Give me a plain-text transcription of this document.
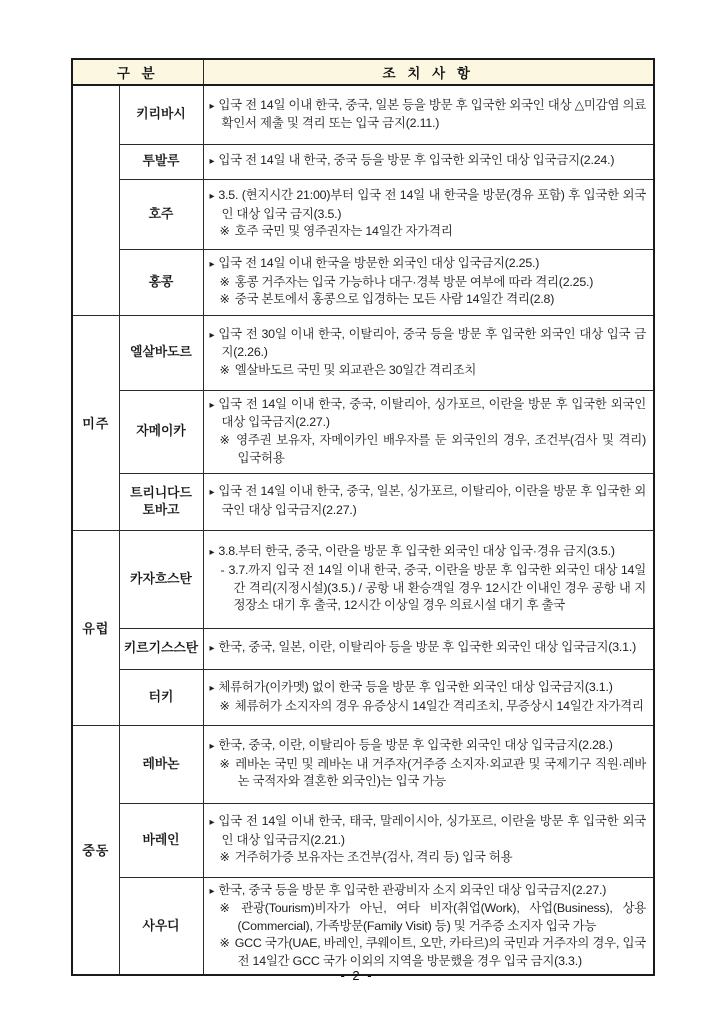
구 분		조 치 사 항
	키리바시	▸ 입국 전 14일 이내 한국, 중국, 일본 등을 방문 후 입국한 외국인 대상 △미감염 의료 확인서 제출 및 격리 또는 입국 금지(2.11.)

	투발루	▸ 입국 전 14일 내 한국, 중국 등을 방문 후 입국한 외국인 대상 입국금지(2.24.)

	호주	▸ 3.5. (현지시간 21:00)부터 입국 전 14일 내 한국을 방문(경유 포함) 후 입국한 외국인 대상 입국 금지(3.5.)
※ 호주 국민 및 영주권자는 14일간 자가격리

	홍콩	▸ 입국 전 14일 이내 한국을 방문한 외국인 대상 입국금지(2.25.)
※ 홍콩 거주자는 입국 가능하나 대구·경북 방문 여부에 따라 격리(2.25.)
※ 중국 본토에서 홍콩으로 입경하는 모든 사람 14일간 격리(2.8)

미주	엘살바도르	▸ 입국 전 30일 이내 한국, 이탈리아, 중국 등을 방문 후 입국한 외국인 대상 입국 금지(2.26.)
※ 엘살바도르 국민 및 외교관은 30일간 격리조치

	자메이카	▸ 입국 전 14일 이내 한국, 중국, 이탈리아, 싱가포르, 이란을 방문 후 입국한 외국인 대상 입국금지(2.27.)
※ 영주권 보유자, 자메이카인 배우자를 둔 외국인의 경우, 조건부(검사 및 격리) 입국허용

	트리니다드 토바고	▸ 입국 전 14일 이내 한국, 중국, 일본, 싱가포르, 이탈리아, 이란을 방문 후 입국한 외국인 대상 입국금지(2.27.)

유럽	카자흐스탄	▸ 3.8.부터 한국, 중국, 이란을 방문 후 입국한 외국인 대상 입국·경유 금지(3.5.)
- 3.7.까지 입국 전 14일 이내 한국, 중국, 이란을 방문 후 입국한 외국인 대상 14일간 격리(지정시설)(3.5.) / 공항 내 환승객일 경우 12시간 이내인 경우 공항 내 지정장소 대기 후 출국, 12시간 이상일 경우 의료시설 대기 후 출국

	키르기스스탄	▸ 한국, 중국, 일본, 이란, 이탈리아 등을 방문 후 입국한 외국인 대상 입국금지(3.1.)

	터키	▸ 체류허가(이카멧) 없이 한국 등을 방문 후 입국한 외국인 대상 입국금지(3.1.)
※ 체류허가 소지자의 경우 유증상시 14일간 격리조치, 무증상시 14일간 자가격리

중동	레바논	▸ 한국, 중국, 이란, 이탈리아 등을 방문 후 입국한 외국인 대상 입국금지(2.28.)
※ 레바논 국민 및 레바논 내 거주자(거주증 소지자·외교관 및 국제기구 직원·레바논 국적자와 결혼한 외국인)는 입국 가능

	바레인	▸ 입국 전 14일 이내 한국, 태국, 말레이시아, 싱가포르, 이란을 방문 후 입국한 외국인 대상 입국금지(2.21.)
※ 거주허가증 보유자는 조건부(검사, 격리 등) 입국 허용

	사우디	▸ 한국, 중국 등을 방문 후 입국한 관광비자 소지 외국인 대상 입국금지(2.27.)
※ 관광(Tourism)비자가 아닌, 여타 비자(취업(Work), 사업(Business), 상용(Commercial), 가족방문(Family Visit) 등) 및 거주증 소지자 입국 가능
※ GCC 국가(UAE, 바레인, 쿠웨이트, 오만, 카타르)의 국민과 거주자의 경우, 입국 전 14일간 GCC 국가 이외의 지역을 방문했을 경우 입국 금지(3.3.)
- 2 -
